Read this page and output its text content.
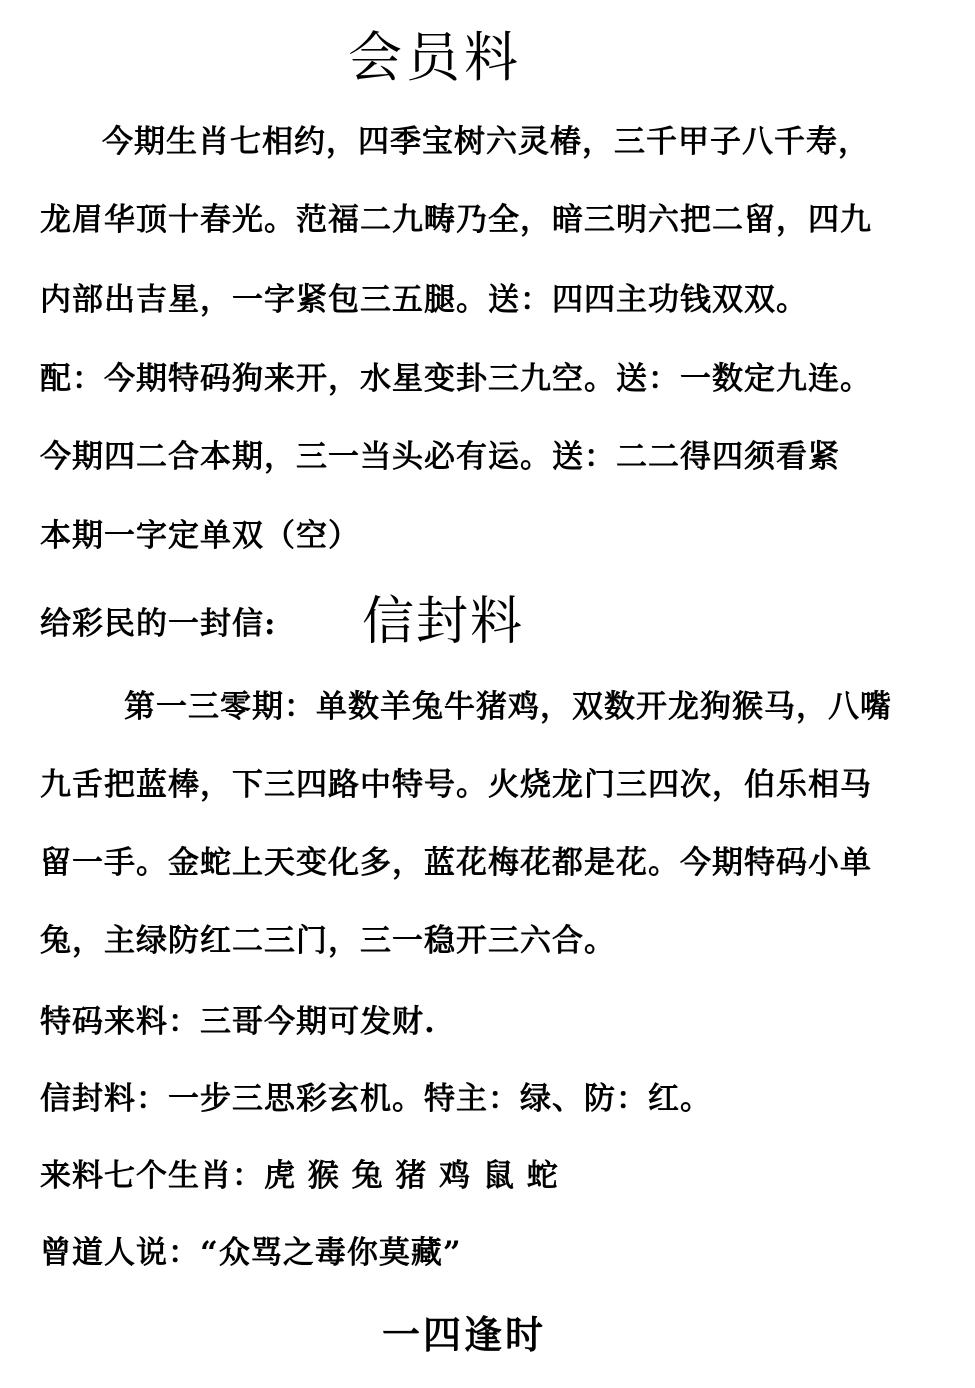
会员料
今期生肖七相约，四季宝树六灵椿，三千甲子八千寿，
龙眉华顶十春光。范福二九畴乃全，暗三明六把二留，四九
内部出吉星，一字紧包三五腿。送：四四主功钱双双。
配：今期特码狗来开，水星变卦三九空。送：一数定九连。
今期四二合本期，三一当头必有运。送：二二得四须看紧
本期一字定单双（空）
给彩民的一封信: 信封料
第一三零期：单数羊兔牛猪鸡，双数开龙狗猴马，八嘴
九舌把蓝棒，下三四路中特号。火烧龙门三四次，伯乐相马
留一手。金蛇上天变化多，蓝花梅花都是花。今期特码小单
兔，主绿防红二三门，三一稳开三六合。
特码来料：三哥今期可发财.
信封料：一步三思彩玄机。特主：绿、防：红。
来料七个生肖：虎 猴 兔 猪 鸡 鼠 蛇
曾道人说：“众骂之毒你莫藏”
一四逢时
